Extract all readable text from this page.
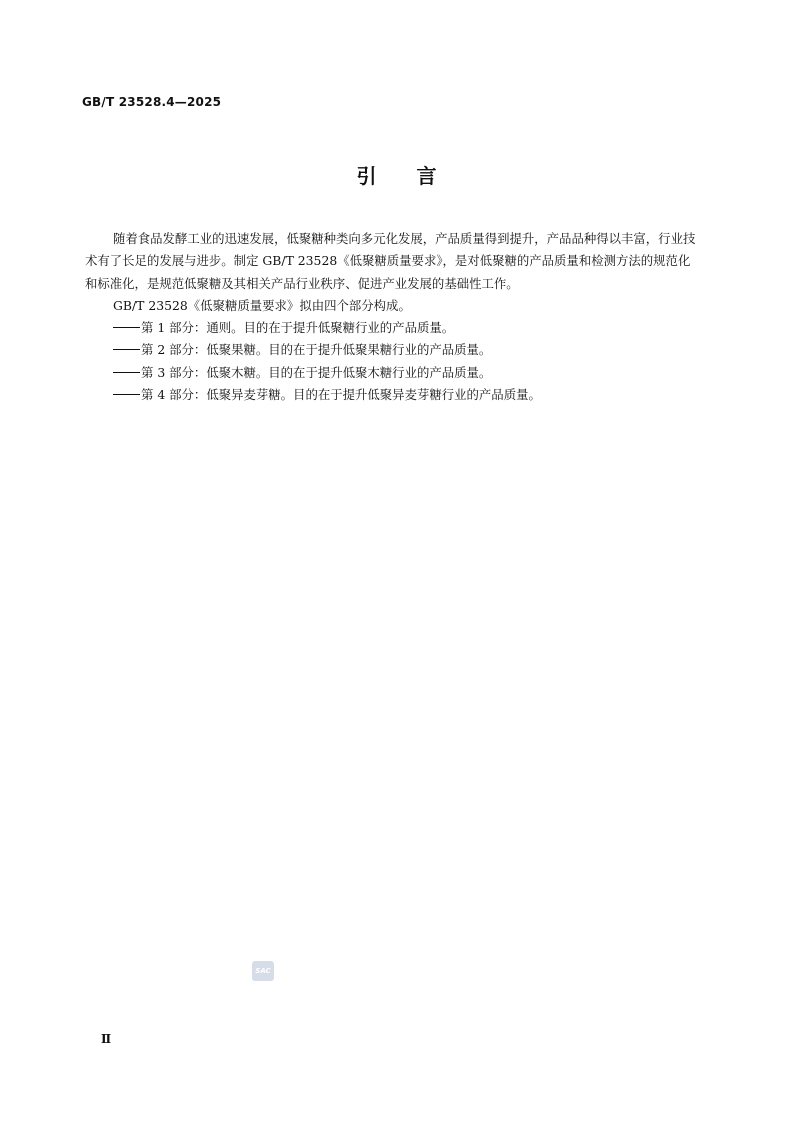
GB/T 23528.4—2025
引言

随着食品发酵工业的迅速发展，低聚糖种类向多元化发展，产品质量得到提升，产品品种得以丰富，行业技术有了长足的发展与进步。制定 GB/T 23528《低聚糖质量要求》，是对低聚糖的产品质量和检测方法的规范化和标准化，是规范低聚糖及其相关产品行业秩序、促进产业发展的基础性工作。

GB/T 23528《低聚糖质量要求》拟由四个部分构成。

第 1 部分：通则。目的在于提升低聚糖行业的产品质量。

第 2 部分：低聚果糖。目的在于提升低聚果糖行业的产品质量。

第 3 部分：低聚木糖。目的在于提升低聚木糖行业的产品质量。

第 4 部分：低聚异麦芽糖。目的在于提升低聚异麦芽糖行业的产品质量。

SAC
Ⅱ
